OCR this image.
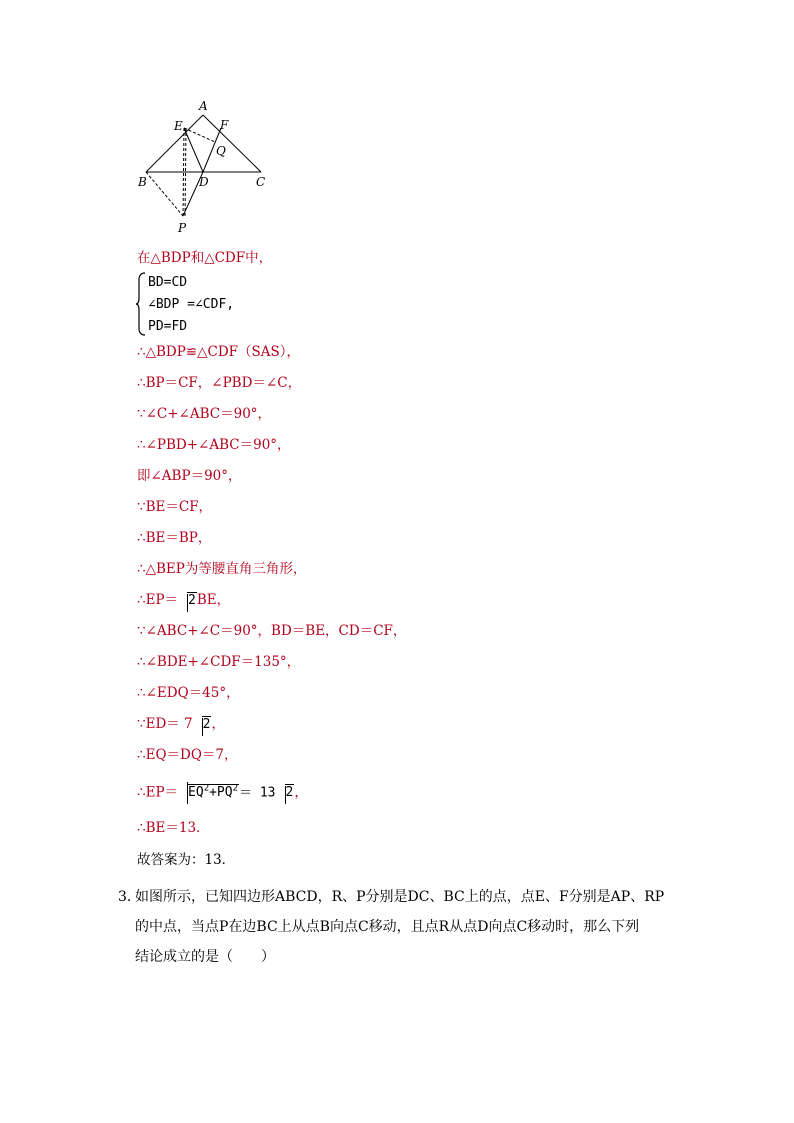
A
E	F
Q
B	D	C
P
在△BDP和△CDF中，
BD=CD
∠BDP =∠CDF,
PD=FD
∴△BDP≌△CDF（SAS），
∴BP＝CF，∠PBD＝∠C，
∵∠C+∠ABC＝90°，
∴∠PBD+∠ABC＝90°，
即∠ABP＝90°，
∵BE＝CF，
∴BE＝BP，
∴△BEP为等腰直角三角形，
∴EP＝ 2BE，
∵∠ABC+∠C＝90°，BD＝BE，CD＝CF，
∴∠BDE+∠CDF＝135°，
∴∠EDQ＝45°，
∵ED＝ 7 2，
∴EQ＝DQ＝7，
∴EP＝ $EQ^2+PQ^2= 13$ 2，
∴BE＝13．
故答案为：13．
3．如图所示，已知四边形ABCD，R、P分别是DC、BC上的点，点E、F分别是AP、RP
的中点，当点P在边BC上从点B向点C移动，且点R从点D向点C移动时，那么下列
结论成立的是（　　）
